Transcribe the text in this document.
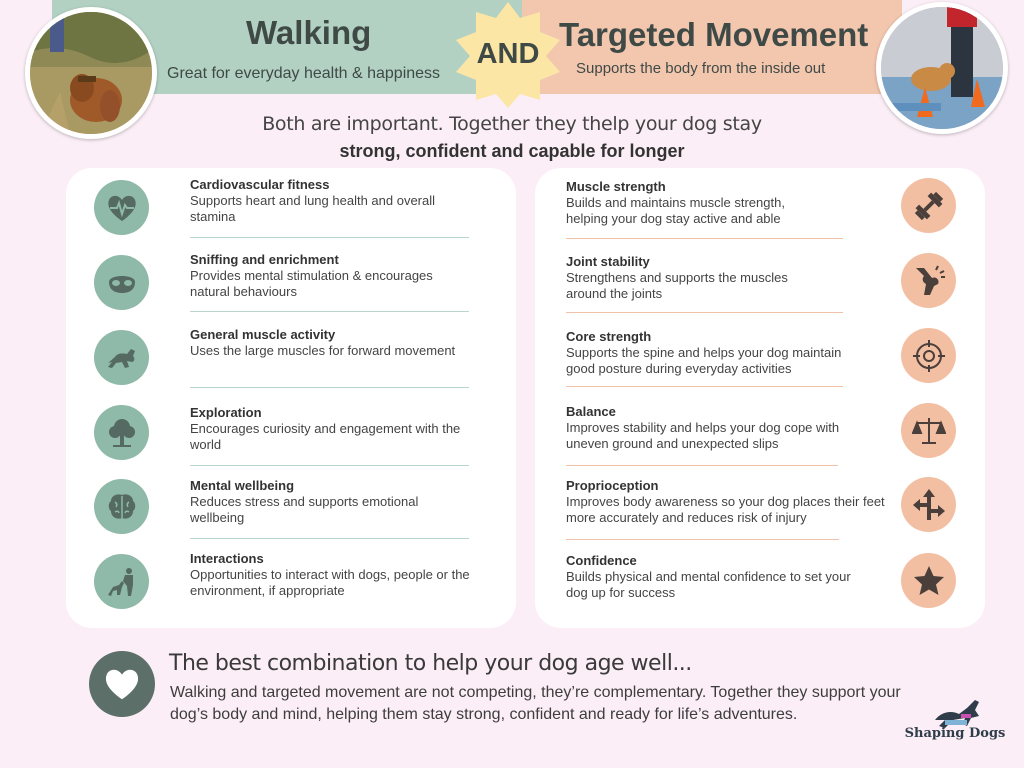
Walking
Great for everyday health & happiness
AND
Targeted Movement
Supports the body from the inside out
Both are important. Together they thelp your dog stay
strong, confident and capable for longer
Cardiovascular fitness
Supports heart and lung health and overall stamina
Sniffing and enrichment
Provides mental stimulation & encourages natural behaviours
General muscle activity
Uses the large muscles for forward movement
Exploration
Encourages curiosity and engagement with the world
Mental wellbeing
Reduces stress and supports emotional wellbeing
Interactions
Opportunities to interact with dogs, people or the environment, if appropriate
Muscle strength
Builds and maintains muscle strength, helping your dog stay active and able
Joint stability
Strengthens and supports the muscles around the joints
Core strength
Supports the spine and helps your dog maintain good posture during everyday activities
Balance
Improves stability and helps your dog cope with uneven ground and unexpected slips
Proprioception
Improves body awareness so your dog places their feet more accurately and reduces risk of injury
Confidence
Builds physical and mental confidence to set your dog up for success
The best combination to help your dog age well...
Walking and targeted movement are not competing, they’re complementary. Together they support your dog’s body and mind, helping them stay strong, confident and ready for life’s adventures.
Shaping Dogs
